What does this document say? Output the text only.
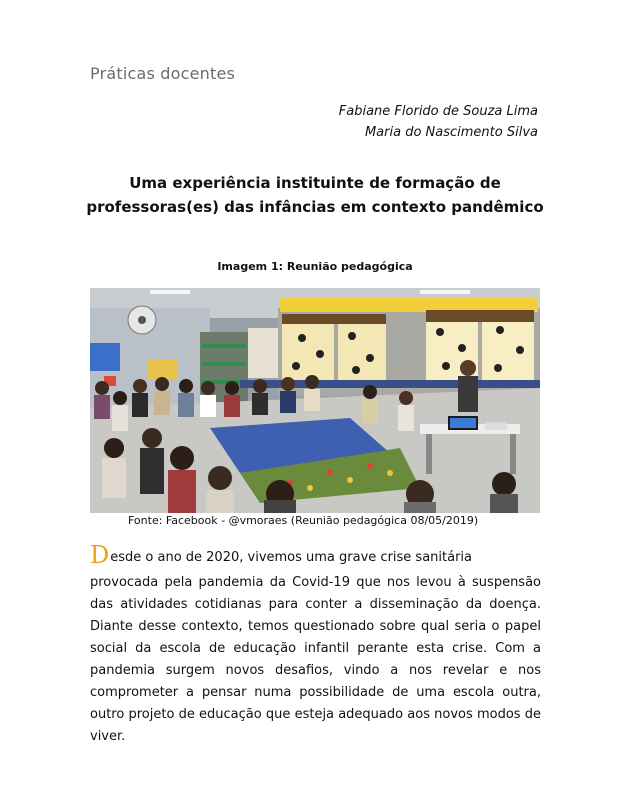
Práticas docentes
Fabiane Florido de Souza Lima
Maria do Nascimento Silva
Uma experiência instituinte de formação de
professoras(es) das infâncias em contexto pandêmico
Imagem 1: Reunião pedagógica
Fonte: Facebook - @vmoraes (Reunião pedagógica 08/05/2019)
Desde o ano de 2020, vivemos uma grave crise sanitária
provocada pela pandemia da Covid-19 que nos levou à suspensão das atividades cotidianas para conter a disseminação da doença. Diante desse contexto, temos questionado sobre qual seria o papel social da escola de educação infantil perante esta crise. Com a pandemia surgem novos desafios, vindo a nos revelar e nos comprometer a pensar numa possibilidade de uma escola outra, outro projeto de educação que esteja adequado aos novos modos de viver.
